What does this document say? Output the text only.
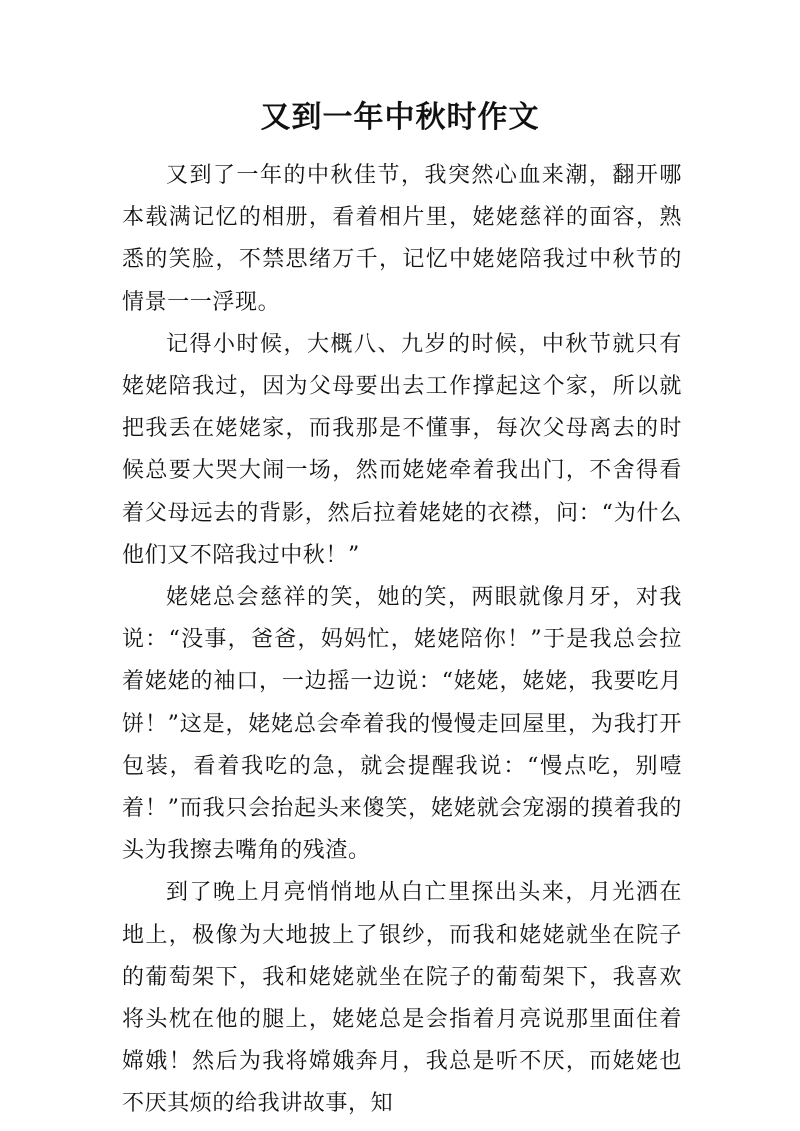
又到一年中秋时作文

又到了一年的中秋佳节，我突然心血来潮，翻开哪本载满记忆的相册，看着相片里，姥姥慈祥的面容，熟悉的笑脸，不禁思绪万千，记忆中姥姥陪我过中秋节的情景一一浮现。

记得小时候，大概八、九岁的时候，中秋节就只有姥姥陪我过，因为父母要出去工作撑起这个家，所以就把我丢在姥姥家，而我那是不懂事，每次父母离去的时候总要大哭大闹一场，然而姥姥牵着我出门，不舍得看着父母远去的背影，然后拉着姥姥的衣襟，问：“为什么他们又不陪我过中秋！”

姥姥总会慈祥的笑，她的笑，两眼就像月牙，对我说：“没事，爸爸，妈妈忙，姥姥陪你！”于是我总会拉着姥姥的袖口，一边摇一边说：“姥姥，姥姥，我要吃月饼！”这是，姥姥总会牵着我的慢慢走回屋里，为我打开包装，看着我吃的急，就会提醒我说：“慢点吃，别噎着！”而我只会抬起头来傻笑，姥姥就会宠溺的摸着我的头为我擦去嘴角的残渣。

到了晚上月亮悄悄地从白亡里探出头来，月光洒在地上，极像为大地披上了银纱，而我和姥姥就坐在院子的葡萄架下，我和姥姥就坐在院子的葡萄架下，我喜欢将头枕在他的腿上，姥姥总是会指着月亮说那里面住着嫦娥！然后为我将嫦娥奔月，我总是听不厌，而姥姥也不厌其烦的给我讲故事，知
